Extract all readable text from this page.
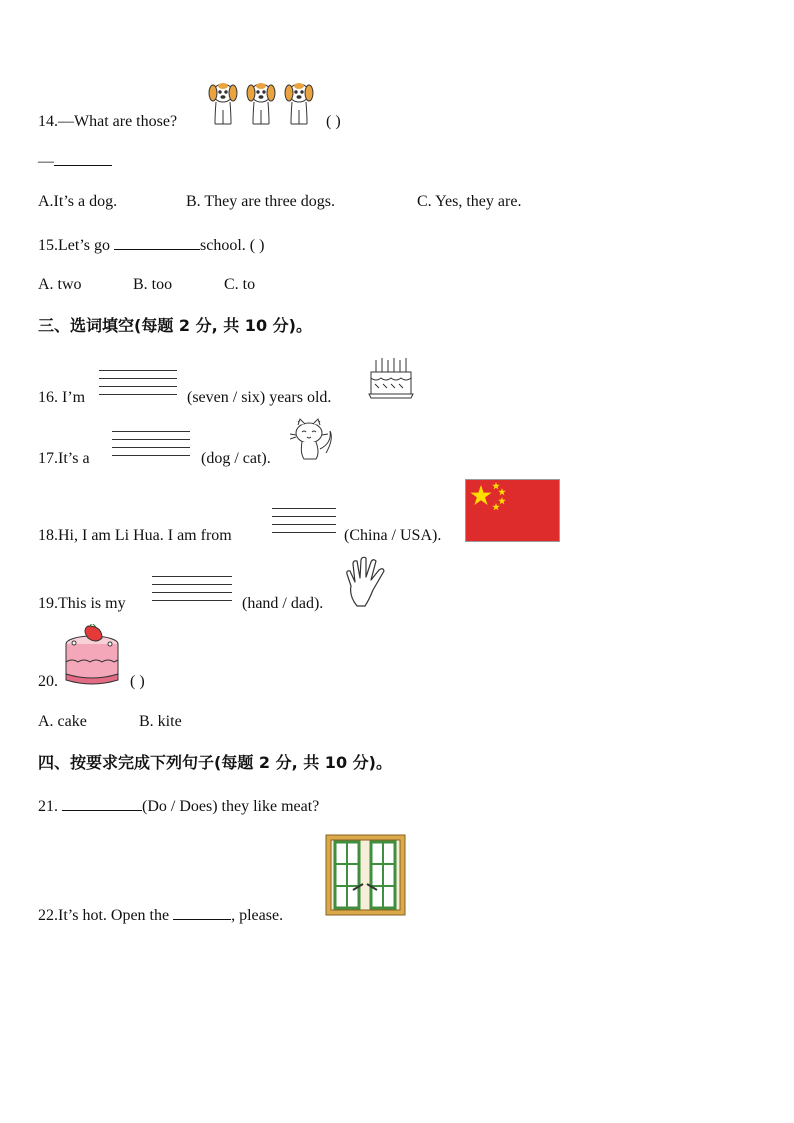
14.—What are those?	( )
—
A.It’s a dog.	B. They are three dogs.	C. Yes, they are.
15.Let’s go	school. ( )
A. two	B. too	C. to
三、选词填空(每题 2 分, 共 10 分)。
16. I’m	(seven / six) years old.
17.It’s a	(dog / cat).
18.Hi, I am Li Hua. I am from	(China / USA).
19.This is my	(hand / dad).
20.	( )
A. cake	B. kite
四、按要求完成下列句子(每题 2 分, 共 10 分)。
21.	(Do / Does) they like meat?
22.It’s hot. Open the	, please.
